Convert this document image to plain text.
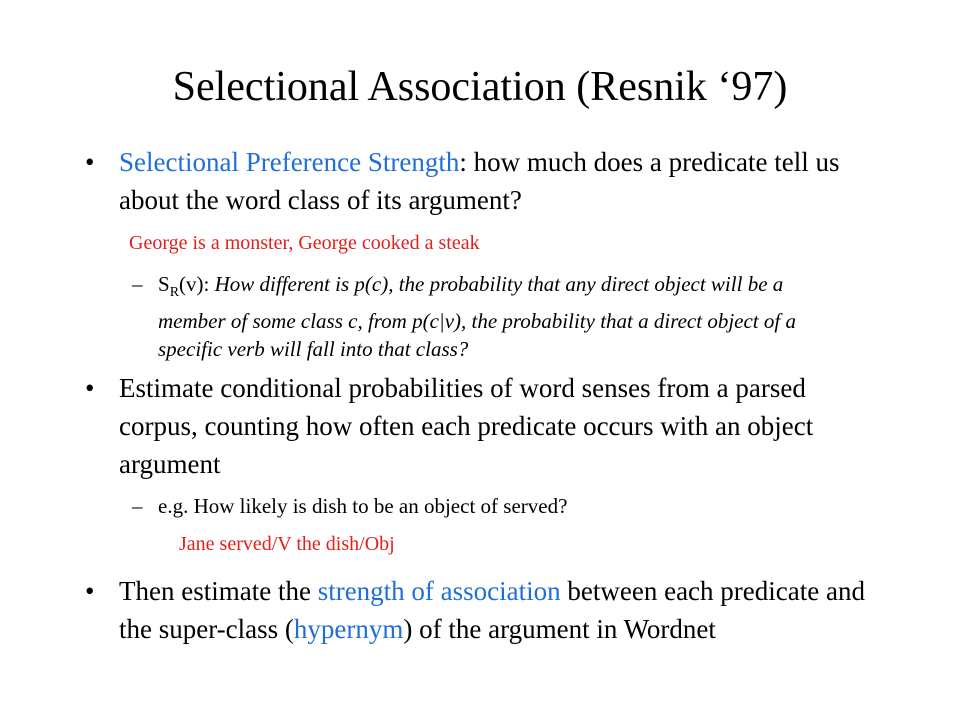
Selectional Association (Resnik ‘97)
• Selectional Preference Strength: how much does a predicate tell us about the word class of its argument?
George is a monster, George cooked a steak
– $S_R(v)$: How different is p(c), the probability that any direct object will be a member of some class c, from p(c|v), the probability that a direct object of a specific verb will fall into that class?
• Estimate conditional probabilities of word senses from a parsed corpus, counting how often each predicate occurs with an object argument
– e.g. How likely is dish to be an object of served?
Jane served/V the dish/Obj
• Then estimate the strength of association between each predicate and the super-class (hypernym) of the argument in Wordnet
